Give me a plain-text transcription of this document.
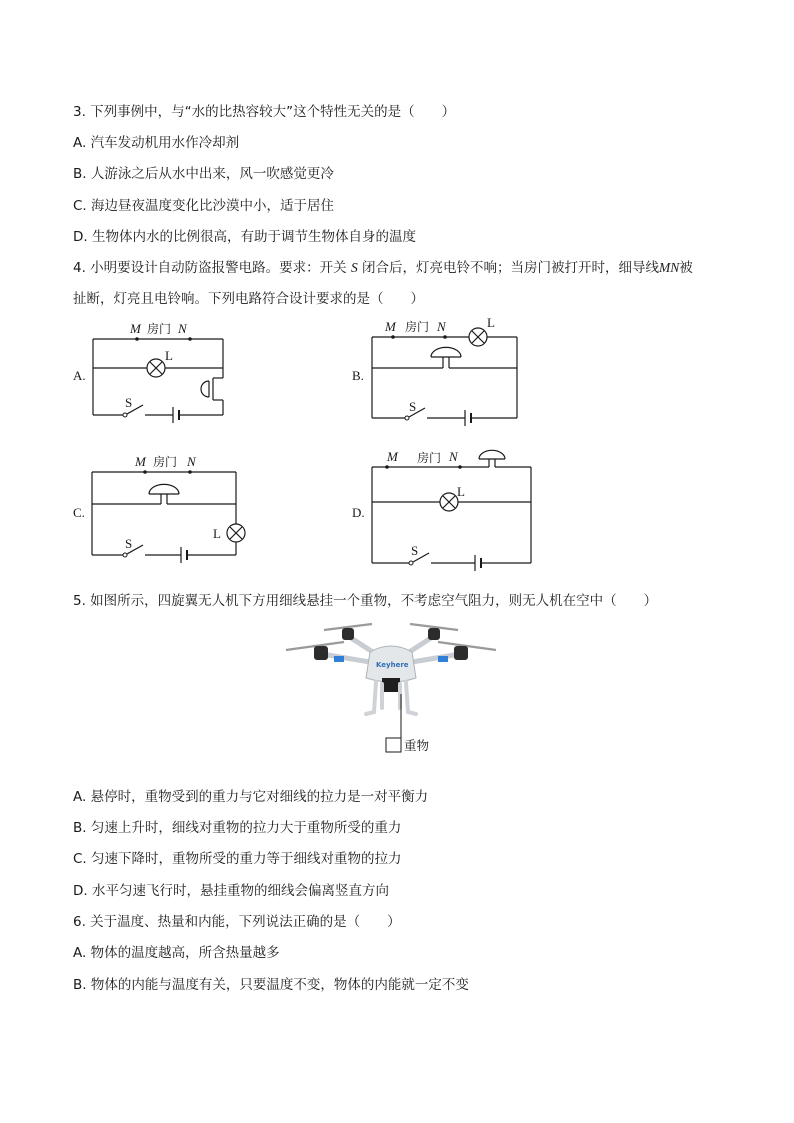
3. 下列事例中，与“水的比热容较大”这个特性无关的是（　　）
A. 汽车发动机用水作冷却剂
B. 人游泳之后从水中出来，风一吹感觉更冷
C. 海边昼夜温度变化比沙漠中小，适于居住
D. 生物体内水的比例很高，有助于调节生物体自身的温度
4. 小明要设计自动防盗报警电路。要求：开关 S 闭合后，灯亮电铃不响；当房门被打开时，细导线MN被
扯断，灯亮且电铃响。下列电路符合设计要求的是（　　）
A.	B.
C.	D.
M 房门 N
L
S
M 房门 N	L
S
M 房门 N
L
S
M 房门 N
L
S
5. 如图所示，四旋翼无人机下方用细线悬挂一个重物，不考虑空气阻力，则无人机在空中（　　）
Keyhere
重物
A. 悬停时，重物受到的重力与它对细线的拉力是一对平衡力
B. 匀速上升时，细线对重物的拉力大于重物所受的重力
C. 匀速下降时，重物所受的重力等于细线对重物的拉力
D. 水平匀速飞行时，悬挂重物的细线会偏离竖直方向
6. 关于温度、热量和内能，下列说法正确的是（　　）
A. 物体的温度越高，所含热量越多
B. 物体的内能与温度有关，只要温度不变，物体的内能就一定不变
